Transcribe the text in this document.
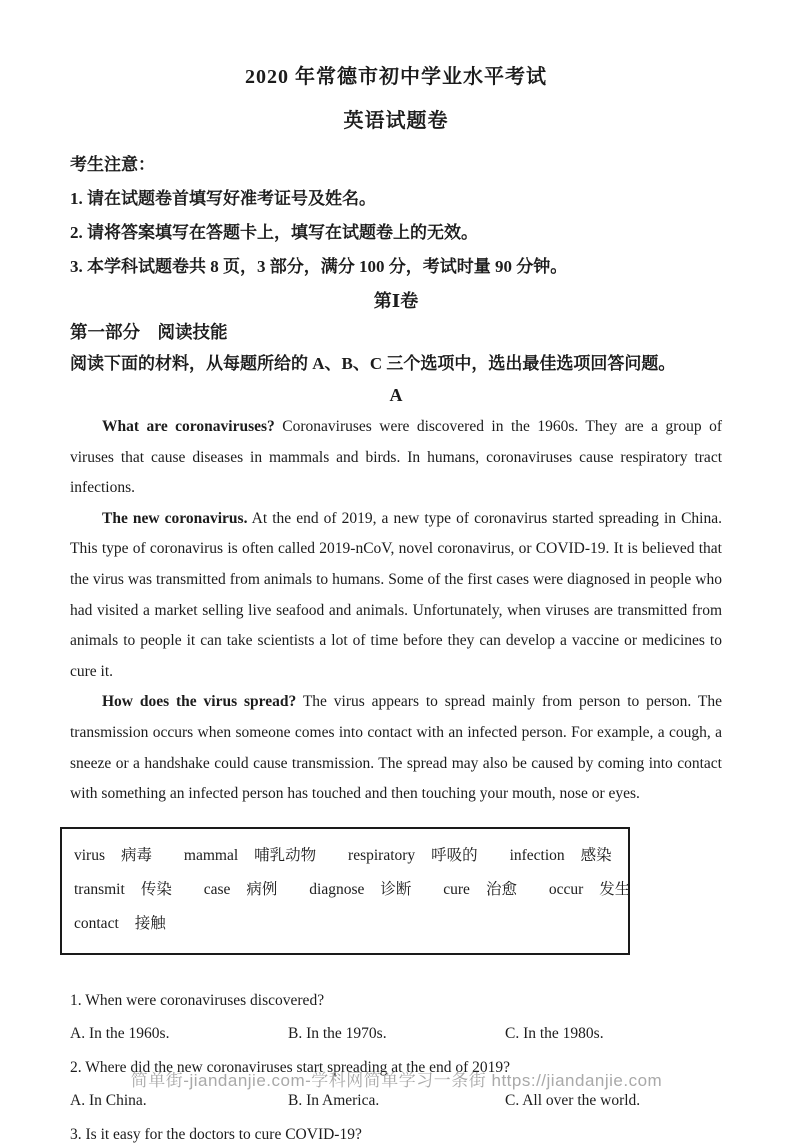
2020 年常德市初中学业水平考试
英语试题卷
考生注意：
1. 请在试题卷首填写好准考证号及姓名。
2. 请将答案填写在答题卡上，填写在试题卷上的无效。
3. 本学科试题卷共 8 页，3 部分，满分 100 分，考试时量 90 分钟。
第Ⅰ卷
第一部分　阅读技能
阅读下面的材料，从每题所给的 A、B、C 三个选项中，选出最佳选项回答问题。
A

What are coronaviruses? Coronaviruses were discovered in the 1960s. They are a group of viruses that cause diseases in mammals and birds. In humans, coronaviruses cause respiratory tract infections.

The new coronavirus. At the end of 2019, a new type of coronavirus started spreading in China. This type of coronavirus is often called 2019-nCoV, novel coronavirus, or COVID-19. It is believed that the virus was transmitted from animals to humans. Some of the first cases were diagnosed in people who had visited a market selling live seafood and animals. Unfortunately, when viruses are transmitted from animals to people it can take scientists a lot of time before they can develop a vaccine or medicines to cure it.

How does the virus spread? The virus appears to spread mainly from person to person. The transmission occurs when someone comes into contact with an infected person. For example, a cough, a sneeze or a handshake could cause transmission. The spread may also be caused by coming into contact with something an infected person has touched and then touching your mouth, nose or eyes.

virus 病毒 mammal 哺乳动物 respiratory 呼吸的 infection 感染
transmit 传染 case 病例 diagnose 诊断 cure 治愈 occur 发生
contact 接触
1. When were coronaviruses discovered?
A. In the 1960s.	B. In the 1970s.	C. In the 1980s.
2. Where did the new coronaviruses start spreading at the end of 2019?
A. In China.	B. In America.	C. All over the world.
3. Is it easy for the doctors to cure COVID-19?
简单街-jiandanjie.com-学科网简单学习一条街 https://jiandanjie.com
